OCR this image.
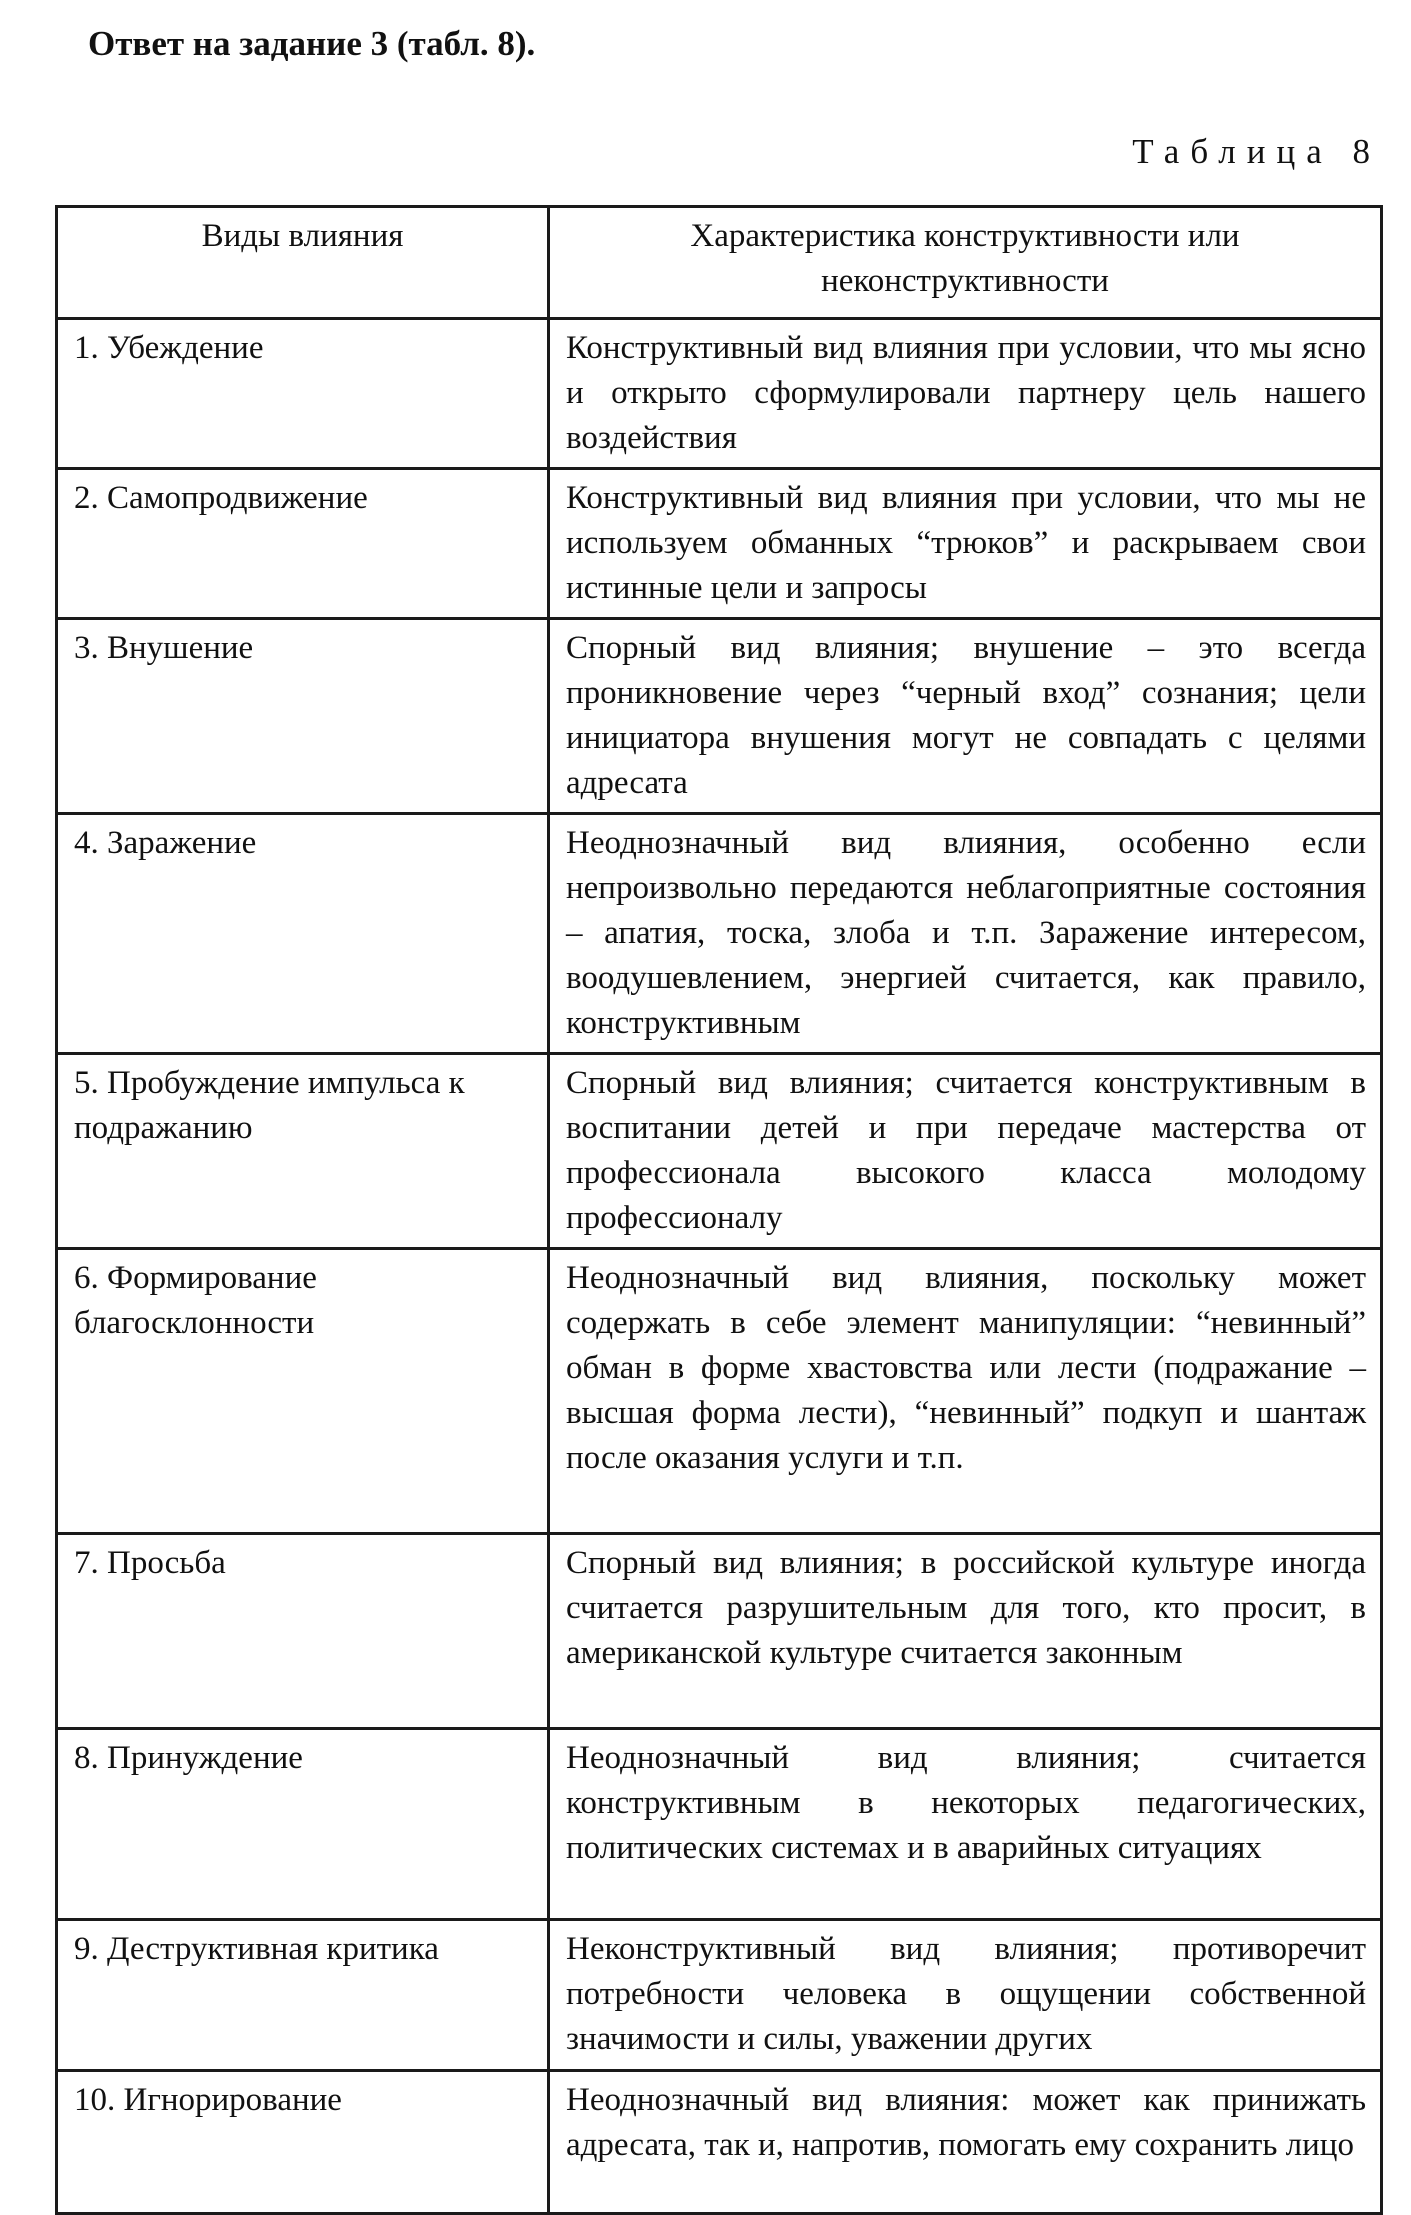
Ответ на задание 3 (табл. 8).
Таблица 8
Виды влияния	Характеристика конструктивности или неконструктивности
1. Убеждение	Конструктивный вид влияния при условии, что мы ясно и открыто сформулировали партнеру цель нашего воздействия
2. Самопродвижение	Конструктивный вид влияния при условии, что мы не используем обманных “трюков” и раскрываем свои истинные цели и запросы
3. Внушение	Спорный вид влияния; внушение – это всегда проникновение через “черный вход” сознания; цели инициатора внушения могут не совпадать с целями адресата
4. Заражение	Неоднозначный вид влияния, особенно если непроизвольно передаются неблагоприятные состояния – апатия, тоска, злоба и т.п. Заражение интересом, воодушевлением, энергией считается, как правило, конструктивным
5. Пробуждение импульса к подражанию	Спорный вид влияния; считается конструктивным в воспитании детей и при передаче мастерства от профессионала высокого класса молодому профессионалу
6. Формирование благосклонности	Неоднозначный вид влияния, поскольку может содержать в себе элемент манипуляции: “невинный” обман в форме хвастовства или лести (подражание – высшая форма лести), “невинный” подкуп и шантаж после оказания услуги и т.п.
7. Просьба	Спорный вид влияния; в российской культуре иногда считается разрушительным для того, кто просит, в американской культуре считается законным
8. Принуждение	Неоднозначный вид влияния; считается конструктивным в некоторых педагогических, политических системах и в аварийных ситуациях
9. Деструктивная критика	Неконструктивный вид влияния; противоречит потребности человека в ощущении собственной значимости и силы, уважении других
10. Игнорирование	Неоднозначный вид влияния: может как принижать адресата, так и, напротив, помогать ему сохранить лицо
